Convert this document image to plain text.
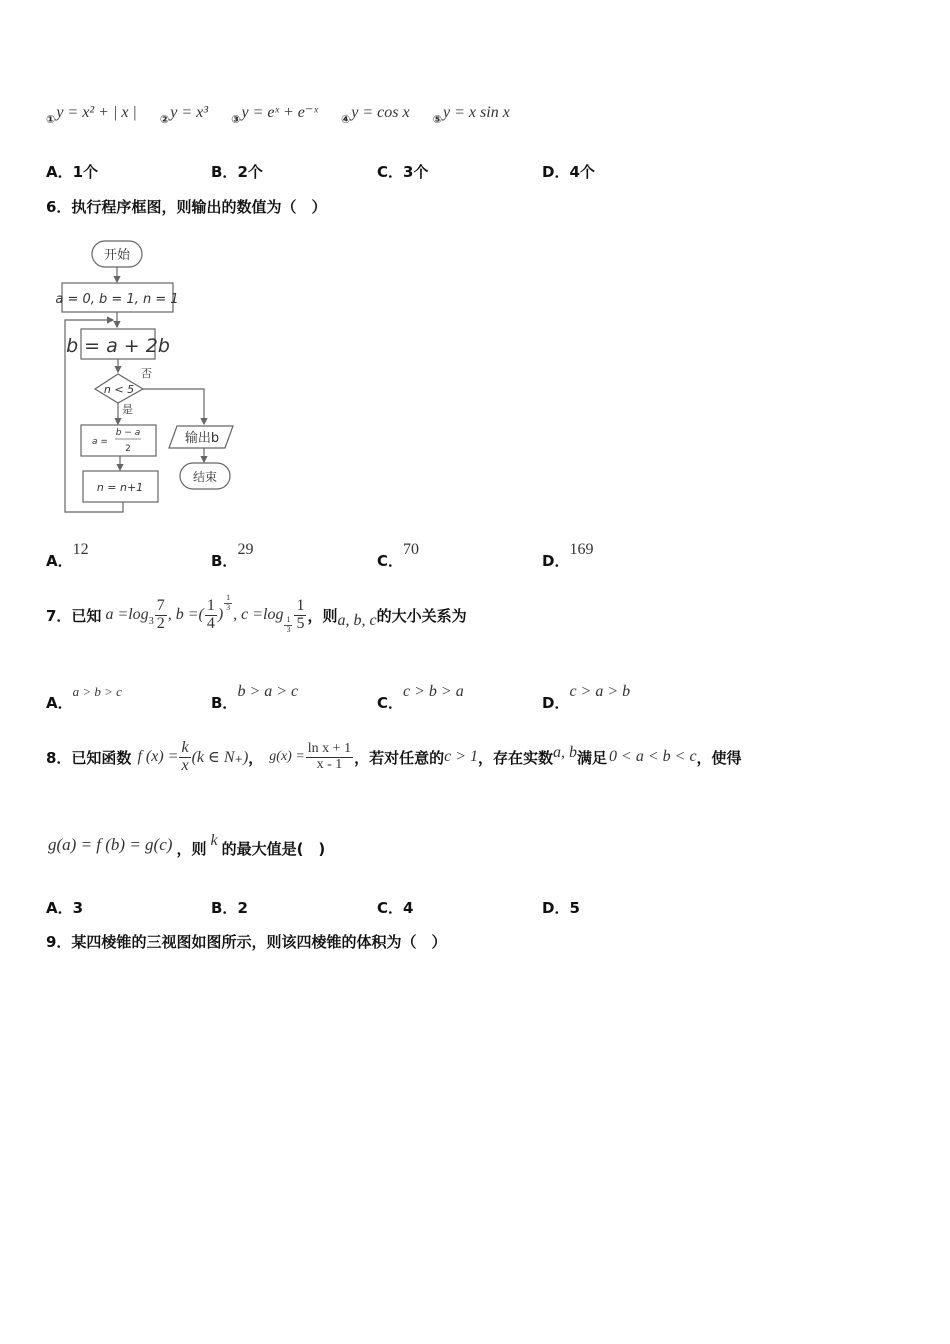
$_①$y = x² + | x | $_②$y = x³ $_③$y = eˣ + e⁻ˣ $_④$y = cos x $_⑤$y = x sin x
A．1个	B．2个	C．3个	D．4个
6．执行程序框图，则输出的数值为（　）
开始
a = 0, b = 1, n = 1
b = a + 2b
n < 5
否
是
a =
b − a
2
n = n+1
输出b
结束
A．12
B．29
C．70
D．169
7．已知 a =log $3 \frac{7}{2}$ , b =( $\frac{1}{4}$ )
$\frac{1}{3}$
, c =log
$\frac{1}{3} \frac{1}{5}$ ，则 a, b, c 的大小关系为
A．a > b > c
B．b > a > c
C．c > b > a
D．c > a > b
8．已知函数 f $(x) = \frac{k}{x} (k$ ∈ N₊) ， $g(x) = \frac{\text{ln x + 1}}{x - 1}$ ，若对任意的 c > 1 ，存在实数 a, b 满足 0 < a < b < c ，使得
g(a) = f (b) = g(c) ，则 k 的最大值是(　)
A．3	B．2	C．4	D．5
9．某四棱锥的三视图如图所示，则该四棱锥的体积为（　）
